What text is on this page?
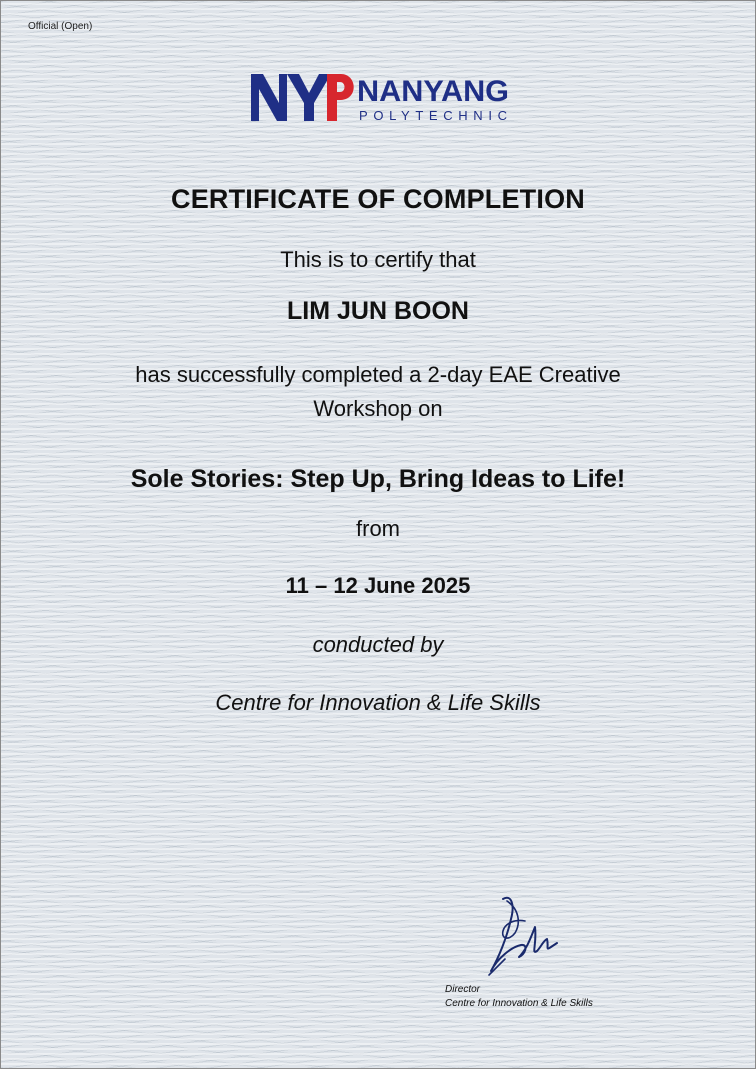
Official (Open)
NANYANG
POLYTECHNIC
CERTIFICATE OF COMPLETION
This is to certify that
LIM JUN BOON
has successfully completed a 2-day EAE Creative
Workshop on
Sole Stories: Step Up, Bring Ideas to Life!
from
11 – 12 June 2025
conducted by
Centre for Innovation & Life Skills
Director
Centre for Innovation & Life Skills
